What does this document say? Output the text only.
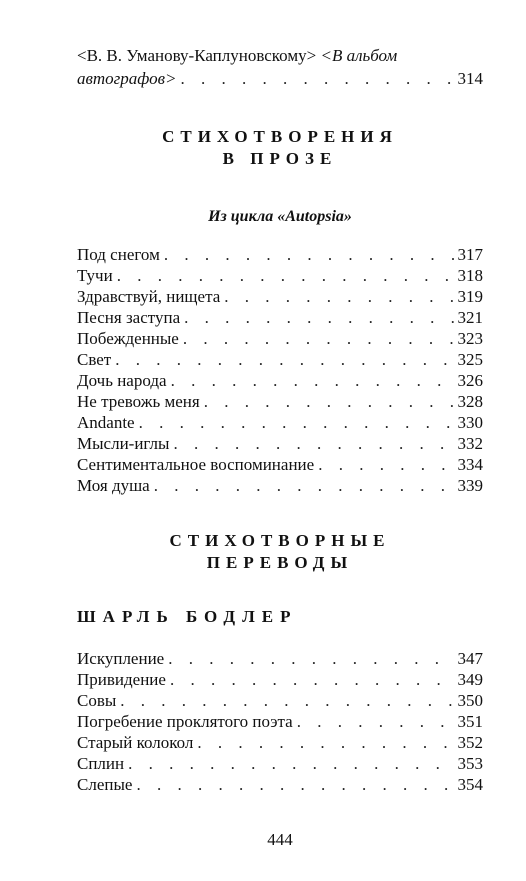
<В. В. Уманову-Каплуновскому> <В альбом
автографов> . . .	314
СТИХОТВОРЕНИЯ
В ПРОЗЕ
Из цикла «Autopsia»
Под снегом . . .	317
Тучи . . .	318
Здравствуй, нищета . . .	319
Песня заступа . . .	321
Побежденные . . .	323
Свет . . .	325
Дочь народа . . .	326
Не тревожь меня . . .	328
Andante . . .	330
Мысли-иглы . . .	332
Сентиментальное воспоминание . . .	334
Моя душа . . .	339
СТИХОТВОРНЫЕ
ПЕРЕВОДЫ
ШАРЛЬ БОДЛЕР
Искупление . . .	347
Привидение . . .	349
Совы . . .	350
Погребение проклятого поэта . . .	351
Старый колокол . . .	352
Сплин . . .	353
Слепые . . .	354
444
